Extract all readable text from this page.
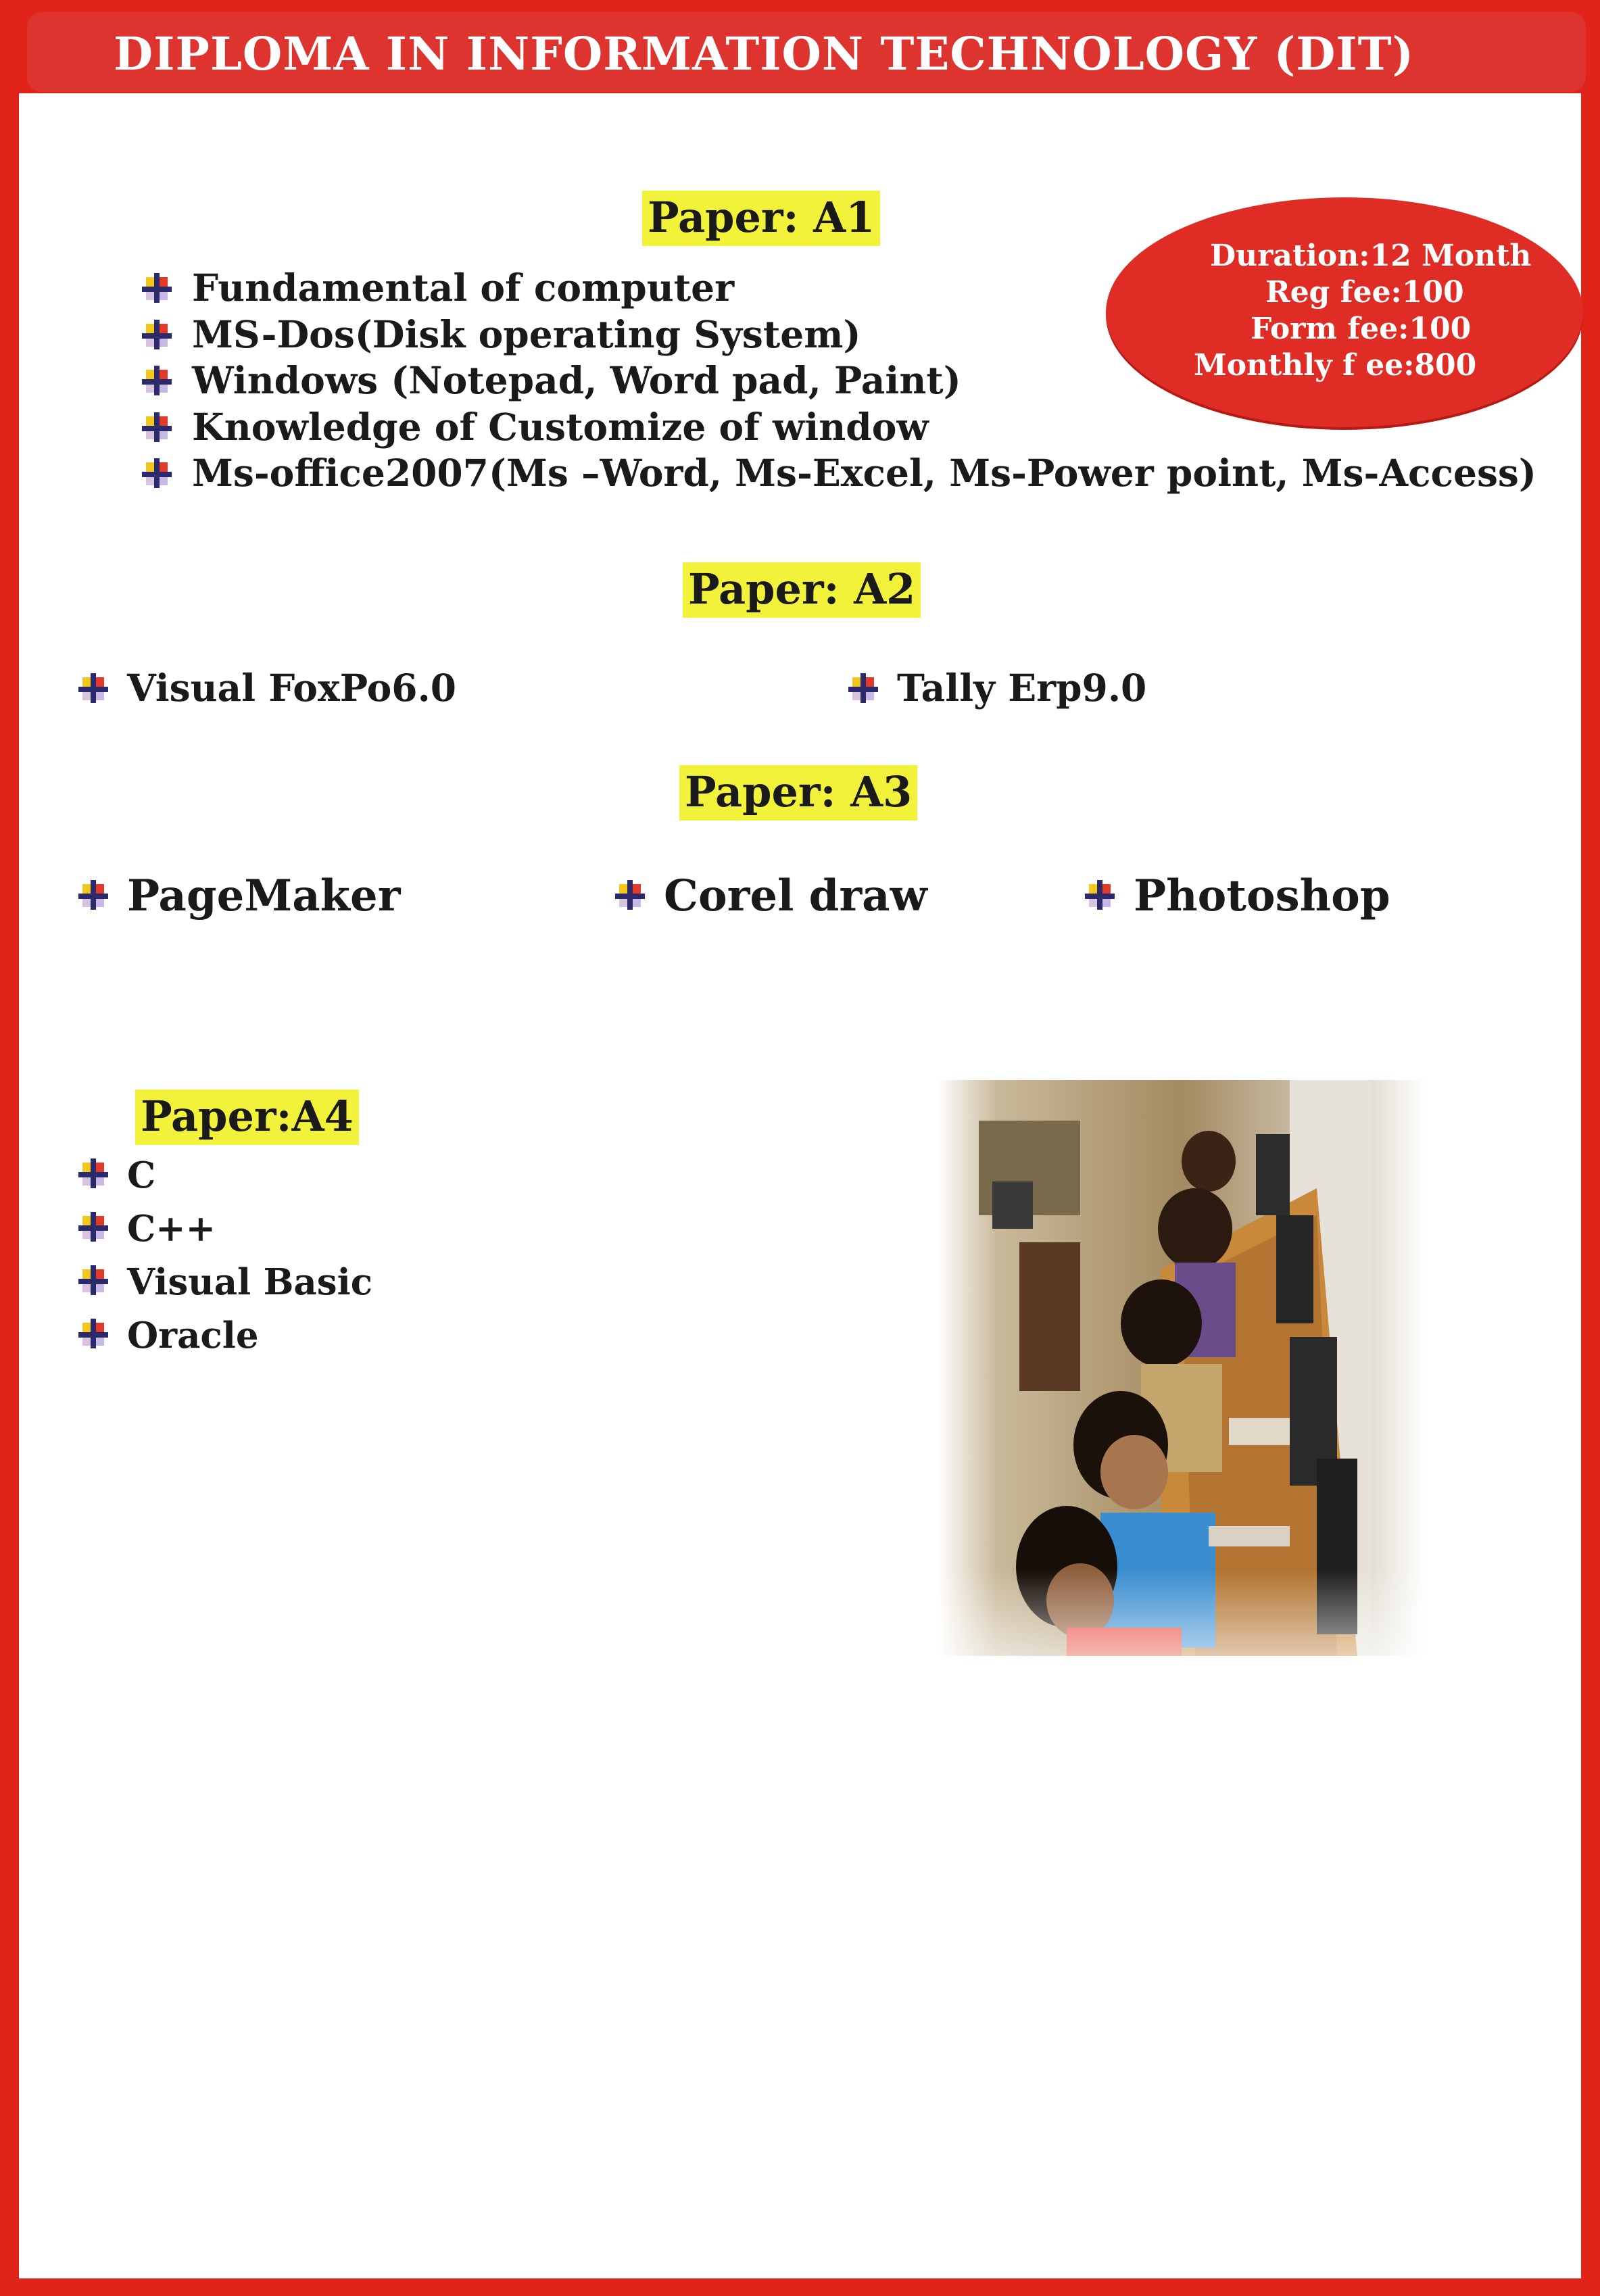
DIPLOMA IN INFORMATION TECHNOLOGY (DIT)
Paper: A1
Duration:12 Month
Reg fee:100
Form fee:100
Monthly f ee:800
Fundamental of computer
MS-Dos(Disk operating System)
Windows (Notepad, Word pad, Paint)
Knowledge of Customize of window
Ms-office2007(Ms –Word, Ms-Excel, Ms-Power point, Ms-Access)
Paper: A2
Visual FoxPo6.0	Tally Erp9.0
Paper: A3
PageMaker	Corel draw	Photoshop
Paper:A4
C
C++
Visual Basic
Oracle
